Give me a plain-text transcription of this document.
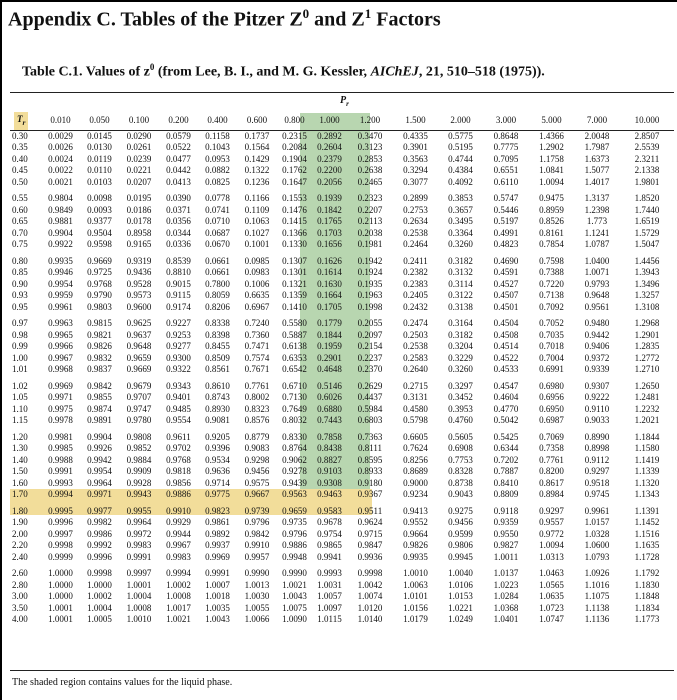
Appendix C. Tables of the Pitzer $Z^0$ and $Z^1$ Factors
Table C.1. Values of $z^0$ (from Lee, B. I., and M. G. Kessler, AIChEJ, 21, 510–518 (1975)).
$P_r$
$T_r$	0.010	0.050	0.100	0.200	0.400	0.600	0.800	1.000	1.200	1.500	2.000	3.000	5.000	7.000	10.000
0.30	0.0029	0.0145	0.0290	0.0579	0.1158	0.1737	0.2315	0.2892	0.3470	0.4335	0.5775	0.8648	1.4366	2.0048	2.8507
0.35	0.0026	0.0130	0.0261	0.0522	0.1043	0.1564	0.2084	0.2604	0.3123	0.3901	0.5195	0.7775	1.2902	1.7987	2.5539
0.40	0.0024	0.0119	0.0239	0.0477	0.0953	0.1429	0.1904	0.2379	0.2853	0.3563	0.4744	0.7095	1.1758	1.6373	2.3211
0.45	0.0022	0.0110	0.0221	0.0442	0.0882	0.1322	0.1762	0.2200	0.2638	0.3294	0.4384	0.6551	1.0841	1.5077	2.1338
0.50	0.0021	0.0103	0.0207	0.0413	0.0825	0.1236	0.1647	0.2056	0.2465	0.3077	0.4092	0.6110	1.0094	1.4017	1.9801
0.55	0.9804	0.0098	0.0195	0.0390	0.0778	0.1166	0.1553	0.1939	0.2323	0.2899	0.3853	0.5747	0.9475	1.3137	1.8520
0.60	0.9849	0.0093	0.0186	0.0371	0.0741	0.1109	0.1476	0.1842	0.2207	0.2753	0.3657	0.5446	0.8959	1.2398	1.7440
0.65	0.9881	0.9377	0.0178	0.0356	0.0710	0.1063	0.1415	0.1765	0.2113	0.2634	0.3495	0.5197	0.8526	1.773	1.6519
0.70	0.9904	0.9504	0.8958	0.0344	0.0687	0.1027	0.1366	0.1703	0.2038	0.2538	0.3364	0.4991	0.8161	1.1241	1.5729
0.75	0.9922	0.9598	0.9165	0.0336	0.0670	0.1001	0.1330	0.1656	0.1981	0.2464	0.3260	0.4823	0.7854	1.0787	1.5047
0.80	0.9935	0.9669	0.9319	0.8539	0.0661	0.0985	0.1307	0.1626	0.1942	0.2411	0.3182	0.4690	0.7598	1.0400	1.4456
0.85	0.9946	0.9725	0.9436	0.8810	0.0661	0.0983	0.1301	0.1614	0.1924	0.2382	0.3132	0.4591	0.7388	1.0071	1.3943
0.90	0.9954	0.9768	0.9528	0.9015	0.7800	0.1006	0.1321	0.1630	0.1935	0.2383	0.3114	0.4527	0.7220	0.9793	1.3496
0.93	0.9959	0.9790	0.9573	0.9115	0.8059	0.6635	0.1359	0.1664	0.1963	0.2405	0.3122	0.4507	0.7138	0.9648	1.3257
0.95	0.9961	0.9803	0.9600	0.9174	0.8206	0.6967	0.1410	0.1705	0.1998	0.2432	0.3138	0.4501	0.7092	0.9561	1.3108
0.97	0.9963	0.9815	0.9625	0.9227	0.8338	0.7240	0.5580	0.1779	0.2055	0.2474	0.3164	0.4504	0.7052	0.9480	1.2968
0.98	0.9965	0.9821	0.9637	0.9253	0.8398	0.7360	0.5887	0.1844	0.2097	0.2503	0.3182	0.4508	0.7035	0.9442	1.2901
0.99	0.9966	0.9826	0.9648	0.9277	0.8455	0.7471	0.6138	0.1959	0.2154	0.2538	0.3204	0.4514	0.7018	0.9406	1.2835
1.00	0.9967	0.9832	0.9659	0.9300	0.8509	0.7574	0.6353	0.2901	0.2237	0.2583	0.3229	0.4522	0.7004	0.9372	1.2772
1.01	0.9968	0.9837	0.9669	0.9322	0.8561	0.7671	0.6542	0.4648	0.2370	0.2640	0.3260	0.4533	0.6991	0.9339	1.2710
1.02	0.9969	0.9842	0.9679	0.9343	0.8610	0.7761	0.6710	0.5146	0.2629	0.2715	0.3297	0.4547	0.6980	0.9307	1.2650
1.05	0.9971	0.9855	0.9707	0.9401	0.8743	0.8002	0.7130	0.6026	0.4437	0.3131	0.3452	0.4604	0.6956	0.9222	1.2481
1.10	0.9975	0.9874	0.9747	0.9485	0.8930	0.8323	0.7649	0.6880	0.5984	0.4580	0.3953	0.4770	0.6950	0.9110	1.2232
1.15	0.9978	0.9891	0.9780	0.9554	0.9081	0.8576	0.8032	0.7443	0.6803	0.5798	0.4760	0.5042	0.6987	0.9033	1.2021
1.20	0.9981	0.9904	0.9808	0.9611	0.9205	0.8779	0.8330	0.7858	0.7363	0.6605	0.5605	0.5425	0.7069	0.8990	1.1844
1.30	0.9985	0.9926	0.9852	0.9702	0.9396	0.9083	0.8764	0.8438	0.8111	0.7624	0.6908	0.6344	0.7358	0.8998	1.1580
1.40	0.9988	0.9942	0.9884	0.9768	0.9534	0.9298	0.9062	0.8827	0.8595	0.8256	0.7753	0.7202	0.7761	0.9112	1.1419
1.50	0.9991	0.9954	0.9909	0.9818	0.9636	0.9456	0.9278	0.9103	0.8933	0.8689	0.8328	0.7887	0.8200	0.9297	1.1339
1.60	0.9993	0.9964	0.9928	0.9856	0.9714	0.9575	0.9439	0.9308	0.9180	0.9000	0.8738	0.8410	0.8617	0.9518	1.1320
1.70	0.9994	0.9971	0.9943	0.9886	0.9775	0.9667	0.9563	0.9463	0.9367	0.9234	0.9043	0.8809	0.8984	0.9745	1.1343
1.80	0.9995	0.9977	0.9955	0.9910	0.9823	0.9739	0.9659	0.9583	0.9511	0.9413	0.9275	0.9118	0.9297	0.9961	1.1391
1.90	0.9996	0.9982	0.9964	0.9929	0.9861	0.9796	0.9735	0.9678	0.9624	0.9552	0.9456	0.9359	0.9557	1.0157	1.1452
2.00	0.9997	0.9986	0.9972	0.9944	0.9892	0.9842	0.9796	0.9754	0.9715	0.9664	0.9599	0.9550	0.9772	1.0328	1.1516
2.20	0.9998	0.9992	0.9983	0.9967	0.9937	0.9910	0.9886	0.9865	0.9847	0.9826	0.9806	0.9827	1.0094	1.0600	1.1635
2.40	0.9999	0.9996	0.9991	0.9983	0.9969	0.9957	0.9948	0.9941	0.9936	0.9935	0.9945	1.0011	1.0313	1.0793	1.1728
2.60	1.0000	0.9998	0.9997	0.9994	0.9991	0.9990	0.9990	0.9993	0.9998	1.0010	1.0040	1.0137	1.0463	1.0926	1.1792
2.80	1.0000	1.0000	1.0001	1.0002	1.0007	1.0013	1.0021	1.0031	1.0042	1.0063	1.0106	1.0223	1.0565	1.1016	1.1830
3.00	1.0000	1.0002	1.0004	1.0008	1.0018	1.0030	1.0043	1.0057	1.0074	1.0101	1.0153	1.0284	1.0635	1.1075	1.1848
3.50	1.0001	1.0004	1.0008	1.0017	1.0035	1.0055	1.0075	1.0097	1.0120	1.0156	1.0221	1.0368	1.0723	1.1138	1.1834
4.00	1.0001	1.0005	1.0010	1.0021	1.0043	1.0066	1.0090	1.0115	1.0140	1.0179	1.0249	1.0401	1.0747	1.1136	1.1773
The shaded region contains values for the liquid phase.
